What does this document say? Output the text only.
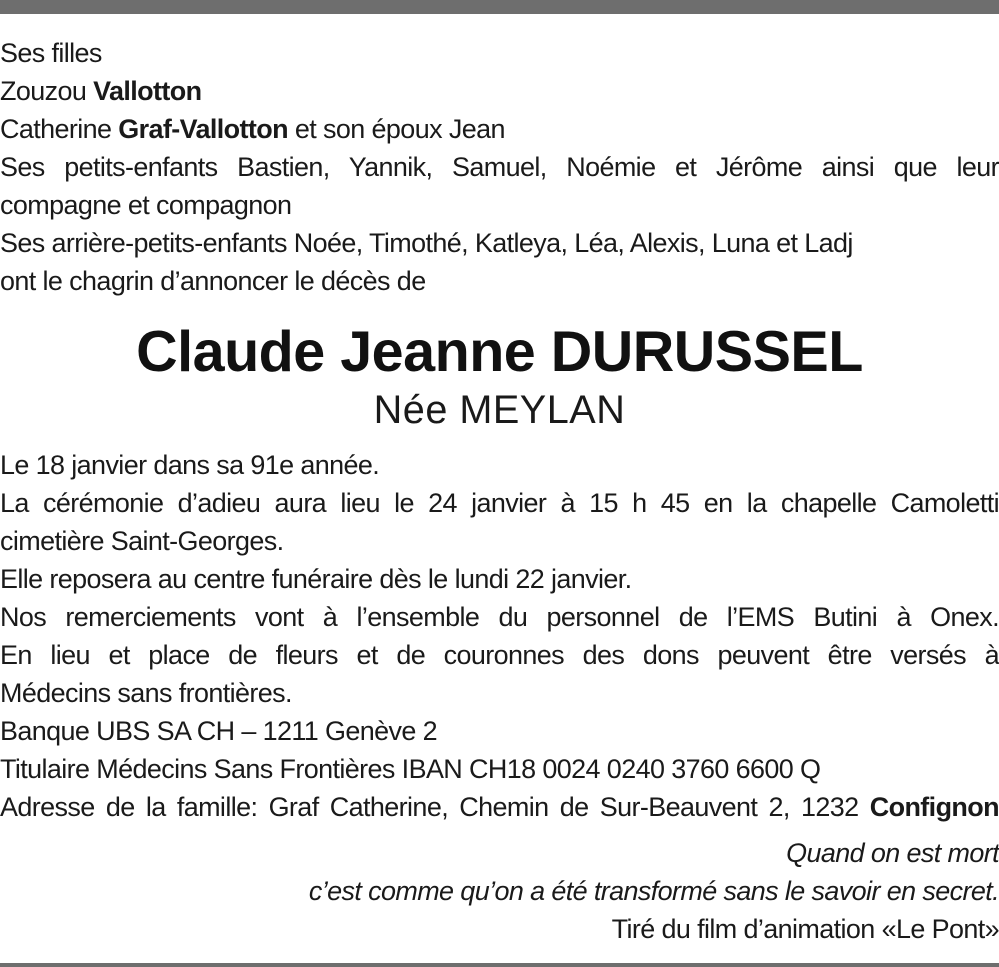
Ses filles
Zouzou Vallotton
Catherine Graf-Vallotton et son époux Jean
Ses petits-enfants Bastien, Yannik, Samuel, Noémie et Jérôme ainsi que leur
compagne et compagnon
Ses arrière-petits-enfants Noée, Timothé, Katleya, Léa, Alexis, Luna et Ladj
ont le chagrin d’annoncer le décès de
Claude Jeanne DURUSSEL
Née MEYLAN
Le 18 janvier dans sa 91e année.
La cérémonie d’adieu aura lieu le 24 janvier à 15 h 45 en la chapelle Camoletti
cimetière Saint-Georges.
Elle reposera au centre funéraire dès le lundi 22 janvier.
Nos remerciements vont à l’ensemble du personnel de l’EMS Butini à Onex.
En lieu et place de fleurs et de couronnes des dons peuvent être versés à
Médecins sans frontières.
Banque UBS SA CH – 1211 Genève 2
Titulaire Médecins Sans Frontières IBAN CH18 0024 0240 3760 6600 Q
Adresse de la famille: Graf Catherine, Chemin de Sur-Beauvent 2, 1232 Confignon
Quand on est mort
c’est comme qu’on a été transformé sans le savoir en secret.
Tiré du film d’animation «Le Pont»
